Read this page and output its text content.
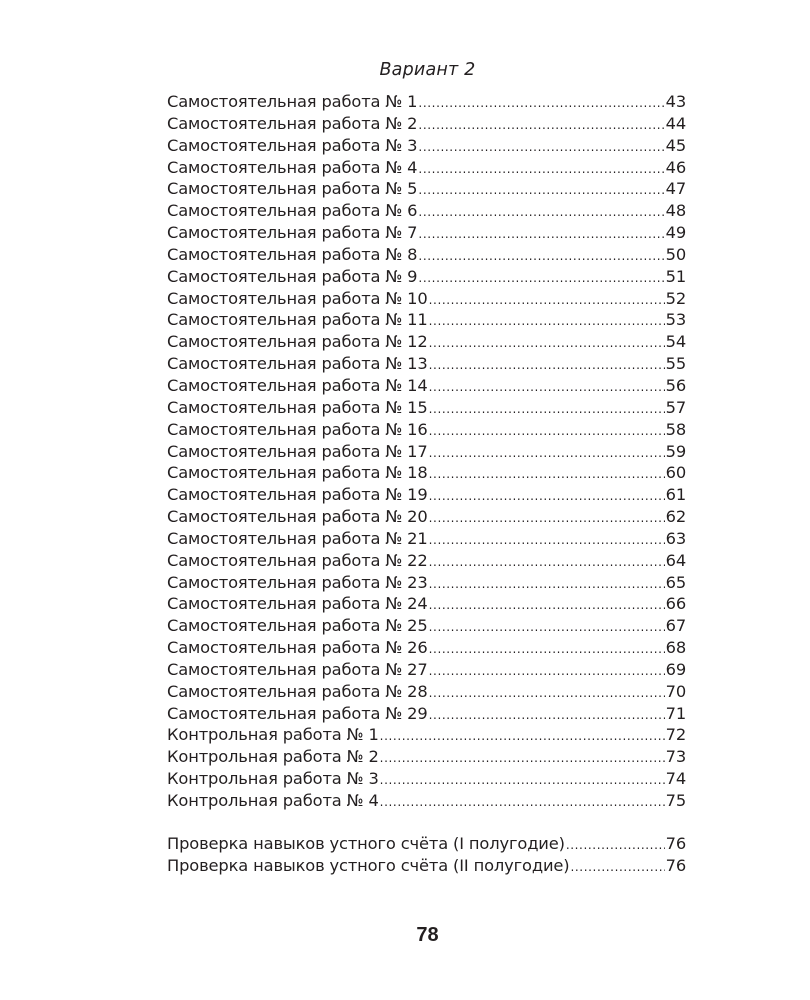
Вариант 2
Самостоятельная работа № 1 .....	43
Самостоятельная работа № 2 .....	44
Самостоятельная работа № 3 .....	45
Самостоятельная работа № 4 .....	46
Самостоятельная работа № 5 .....	47
Самостоятельная работа № 6 .....	48
Самостоятельная работа № 7 .....	49
Самостоятельная работа № 8 .....	50
Самостоятельная работа № 9 .....	51
Самостоятельная работа № 10 .....	52
Самостоятельная работа № 11 .....	53
Самостоятельная работа № 12 .....	54
Самостоятельная работа № 13 .....	55
Самостоятельная работа № 14 .....	56
Самостоятельная работа № 15 .....	57
Самостоятельная работа № 16 .....	58
Самостоятельная работа № 17 .....	59
Самостоятельная работа № 18 .....	60
Самостоятельная работа № 19 .....	61
Самостоятельная работа № 20 .....	62
Самостоятельная работа № 21 .....	63
Самостоятельная работа № 22 .....	64
Самостоятельная работа № 23 .....	65
Самостоятельная работа № 24 .....	66
Самостоятельная работа № 25 .....	67
Самостоятельная работа № 26 .....	68
Самостоятельная работа № 27 .....	69
Самостоятельная работа № 28 .....	70
Самостоятельная работа № 29 .....	71
Контрольная работа № 1 .....	72
Контрольная работа № 2 .....	73
Контрольная работа № 3 .....	74
Контрольная работа № 4 .....	75
Проверка навыков устного счёта (I полугодие) .....	76
Проверка навыков устного счёта (II полугодие) .....	76
78
